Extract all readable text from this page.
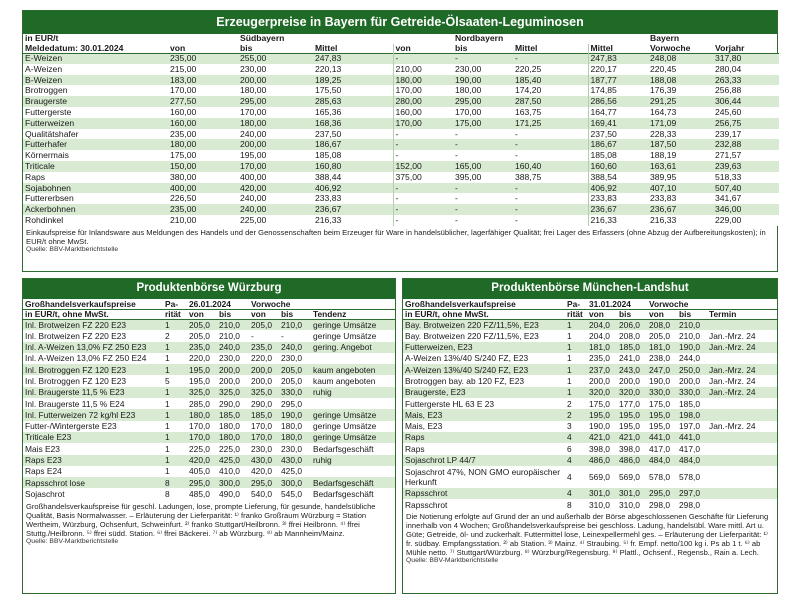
Erzeugerpreise in Bayern für Getreide-Ölsaaten-Leguminosen
in EUR/t		Südbayern			Nordbayern			Bayern	
Meldedatum: 30.01.2024	von	bis	Mittel	von	bis	Mittel	Mittel	Vorwoche	Vorjahr
E-Weizen	235,00	255,00	247,83	-	-	-	247,83	248,08	317,80
A-Weizen	215,00	230,00	220,13	210,00	230,00	220,25	220,17	220,45	280,04
B-Weizen	183,00	200,00	189,25	180,00	190,00	185,40	187,77	188,08	263,33
Brotroggen	170,00	180,00	175,50	170,00	180,00	174,20	174,85	176,39	256,88
Braugerste	277,50	295,00	285,63	280,00	295,00	287,50	286,56	291,25	306,44
Futtergerste	160,00	170,00	165,36	160,00	170,00	163,75	164,77	164,73	245,60
Futterweizen	160,00	180,00	168,36	170,00	175,00	171,25	169,41	171,09	256,75
Qualitätshafer	235,00	240,00	237,50	-	-	-	237,50	228,33	239,17
Futterhafer	180,00	200,00	186,67	-	-	-	186,67	187,50	232,88
Körnermais	175,00	195,00	185,08	-	-	-	185,08	188,19	271,57
Triticale	150,00	170,00	160,80	152,00	165,00	160,40	160,60	163,61	239,63
Raps	380,00	400,00	388,44	375,00	395,00	388,75	388,54	389,95	518,33
Sojabohnen	400,00	420,00	406,92	-	-	-	406,92	407,10	507,40
Futtererbsen	226,50	240,00	233,83	-	-	-	233,83	233,83	341,67
Ackerbohnen	235,00	240,00	236,67	-	-	-	236,67	236,67	346,00
Rohdinkel	210,00	225,00	216,33	-	-	-	216,33	216,33	229,00
Einkaufspreise für Inlandsware aus Meldungen des Handels und der Genossenschaften beim Erzeuger für Ware in handelsüblicher, lagerfähiger Qualität; frei Lager des Erfassers (ohne Abzug der Aufbereitungskosten); in EUR/t ohne MwSt.
Quelle: BBV-Marktberichtstelle
Produktenbörse Würzburg
Großhandelsverkaufspreise	Pa-	26.01.2024		Vorwoche		
in EUR/t, ohne MwSt.	rität	von	bis	von	bis	Tendenz
Inl. Brotweizen FZ 220 E23	1	205,0	210,0	205,0	210,0	geringe Umsätze
Inl. Brotweizen FZ 220 E23	2	205,0	210,0	-	-	geringe Umsätze
Inl. A-Weizen 13,0% FZ 250 E23	1	235,0	240,0	235,0	240,0	gering. Angebot
Inl. A-Weizen 13,0% FZ 250 E24	1	220,0	230,0	220,0	230,0	
Inl. Brotroggen FZ 120 E23	1	195,0	200,0	200,0	205,0	kaum angeboten
Inl. Brotroggen FZ 120 E23	5	195,0	200,0	200,0	205,0	kaum angeboten
Inl. Braugerste 11,5 % E23	1	325,0	325,0	325,0	330,0	ruhig
Inl. Braugerste 11,5 % E24	1	285,0	290,0	290,0	295,0	
Inl. Futterweizen 72 kg/hl E23	1	180,0	185,0	185,0	190,0	geringe Umsätze
Futter-/Wintergerste E23	1	170,0	180,0	170,0	180,0	geringe Umsätze
Triticale E23	1	170,0	180,0	170,0	180,0	geringe Umsätze
Mais E23	1	225,0	225,0	230,0	230,0	Bedarfsgeschäft
Raps E23	1	420,0	425,0	430,0	430,0	ruhig
Raps E24	1	405,0	410,0	420,0	425,0	
Rapsschrot lose	8	295,0	300,0	295,0	300,0	Bedarfsgeschäft
Sojaschrot	8	485,0	490,0	540,0	545,0	Bedarfsgeschäft
Großhandelsverkaufspreise für geschl. Ladungen, lose, prompte Lieferung, für gesunde, handelsübliche Qualität, Basis Normalwasser. – Erläuterung der Lieferparität: ¹⁾ franko Großraum Würzburg = Station Wertheim, Würzburg, Ochsenfurt, Schweinfurt. ²⁾ franko Stuttgart/Heilbronn. ³⁾ ffrei Heilbronn. ⁴⁾ ffrei Stuttg./Heilbronn. ⁵⁾ ffrei südd. Station. ⁶⁾ ffrei Bäckerei. ⁷⁾ ab Würzburg. ⁸⁾ ab Mannheim/Mainz.
Quelle: BBV-Marktberichtstelle
Produktenbörse München-Landshut
Großhandelsverkaufspreise	Pa-	31.01.2024		Vorwoche		
in EUR/t, ohne MwSt.	rität	von	bis	von	bis	Termin
Bay. Brotweizen 220 FZ/11,5%, E23	1	204,0	206,0	208,0	210,0	
Bay. Brotweizen 220 FZ/11,5%, E23	1	204,0	208,0	205,0	210,0	Jan.-Mrz. 24
Futterweizen, E23	1	181,0	185,0	181,0	190,0	Jan.-Mrz. 24
A-Weizen 13%/40 S/240 FZ, E23	1	235,0	241,0	238,0	244,0	
A-Weizen 13%/40 S/240 FZ, E23	1	237,0	243,0	247,0	250,0	Jan.-Mrz. 24
Brotroggen bay. ab 120 FZ, E23	1	200,0	200,0	190,0	200,0	Jan.-Mrz. 24
Braugerste, E23	1	320,0	320,0	330,0	330,0	Jan.-Mrz. 24
Futtergerste HL 63 E 23	2	175,0	177,0	175,0	185,0	
Mais, E23	2	195,0	195,0	195,0	198,0	
Mais, E23	3	190,0	195,0	195,0	197,0	Jan.-Mrz. 24
Raps	4	421,0	421,0	441,0	441,0	
Raps	6	398,0	398,0	417,0	417,0	
Sojaschrot LP 44/7	4	486,0	486,0	484,0	484,0	
Sojaschrot 47%, NON GMO europäischer Herkunft	4	569,0	569,0	578,0	578,0	
Rapsschrot	4	301,0	301,0	295,0	297,0	
Rapsschrot	8	310,0	310,0	298,0	298,0	
Die Notierung erfolgte auf Grund der an und außerhalb der Börse abgeschlossenen Geschäfte für Lieferung innerhalb von 4 Wochen; Großhandelsverkaufspreise bei geschloss. Ladung, handelsübl. Ware mittl. Art u. Güte; Getreide, öl- und zuckerhalt. Futtermittel lose, Leinexpellermehl ges. – Erläuterung der Lieferparität: ¹⁾ fr. südbay. Empfangsstation. ²⁾ ab Station. ³⁾ Mainz. ⁴⁾ Straubing. ⁵⁾ fr. Empf. netto/100 kg i. Ps ab 1 t. ⁶⁾ ab Mühle netto. ⁷⁾ Stuttgart/Würzburg. ⁸⁾ Würzburg/Regensburg. ⁹⁾ Plattl., Ochsenf., Regensb., Rain a. Lech.
Quelle: BBV-Marktberichtstelle
